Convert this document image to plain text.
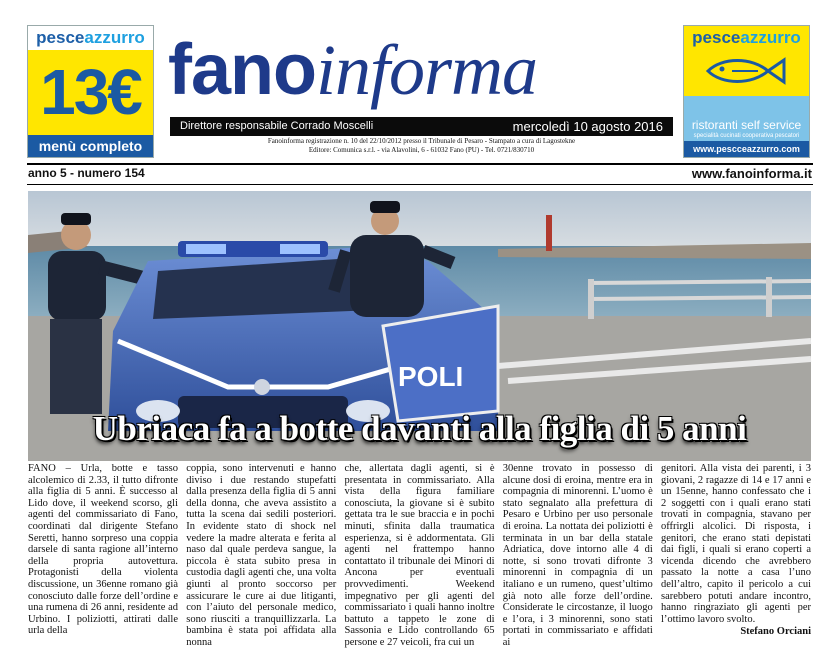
pesceazzurro
13€
menù completo
fanoinforma
Direttore responsabile Corrado Moscelli	mercoledì 10 agosto 2016
Fanoinforma registrazione n. 10 del 22/10/2012 presso il Tribunale di Pesaro - Stampato a cura di Lagostekne
Editore: Comunica s.r.l. - via Alavolini, 6 - 61032 Fano (PU) - Tel. 0721/830710
pesceazzurro
ristoranti self service
specialità cucinati cooperativa pescatori
www.pescceazzurro.com
anno 5 - numero 154	www.fanoinforma.it
POLI
Ubriaca fa a botte davanti alla figlia di 5 anni

FANO – Urla, botte e tasso alcolemico di 2.33, il tutto difronte alla figlia di 5 anni. È successo al Lido dove, il weekend scorso, gli agenti del commissariato di Fano, coordinati dal dirigente Stefano Seretti, hanno sorpreso una coppia darsele di santa ragione all’interno della propria autovettura. Protagonisti della violenta discussione, un 36enne romano già conosciuto dalle forze dell’ordine e una rumena di 26 anni, residente ad Urbino. I poliziotti, attirati dalle urla della

coppia, sono intervenuti e hanno diviso i due restando stupefatti dalla presenza della figlia di 5 anni della donna, che aveva assistito a tutta la scena dai sedili posteriori. In evidente stato di shock nel vedere la madre alterata e ferita al naso dal quale perdeva sangue, la piccola è stata subito presa in custodia dagli agenti che, una volta giunti al pronto soccorso per assicurare le cure ai due litiganti, con l’aiuto del personale medico, sono riusciti a tranquillizzarla. La bambina è stata poi affidata alla nonna

che, allertata dagli agenti, si è presentata in commissariato. Alla vista della figura familiare conosciuta, la giovane si è subito gettata tra le sue braccia e in pochi minuti, sfinita dalla traumatica esperienza, si è addormentata. Gli agenti nel frattempo hanno contattato il tribunale dei Minori di Ancona per eventuali provvedimenti. Weekend impegnativo per gli agenti del commissariato i quali hanno inoltre battuto a tappeto le zone di Sassonia e Lido controllando 65 persone e 27 veicoli, fra cui un

30enne trovato in possesso di alcune dosi di eroina, mentre era in compagnia di minorenni. L’uomo è stato segnalato alla prefettura di Pesaro e Urbino per uso personale di eroina. La nottata dei poliziotti è terminata in un bar della statale Adriatica, dove intorno alle 4 di notte, si sono trovati difronte 3 minorenni in compagnia di un italiano e un rumeno, quest’ultimo già noto alle forze dell’ordine. Considerate le circostanze, il luogo e l’ora, i 3 minorenni, sono stati portati in commissariato e affidati ai

genitori. Alla vista dei parenti, i 3 giovani, 2 ragazze di 14 e 17 anni e un 15enne, hanno confessato che i 2 soggetti con i quali erano stati trovati in compagnia, stavano per offrirgli alcolici. Di risposta, i genitori, che erano stati depistati dai figli, i quali si erano coperti a vicenda dicendo che avrebbero passato la notte a casa l’uno dell’altro, capito il pericolo a cui sarebbero potuti andare incontro, hanno ringraziato gli agenti per l’ottimo lavoro svolto.

Stefano Orciani
